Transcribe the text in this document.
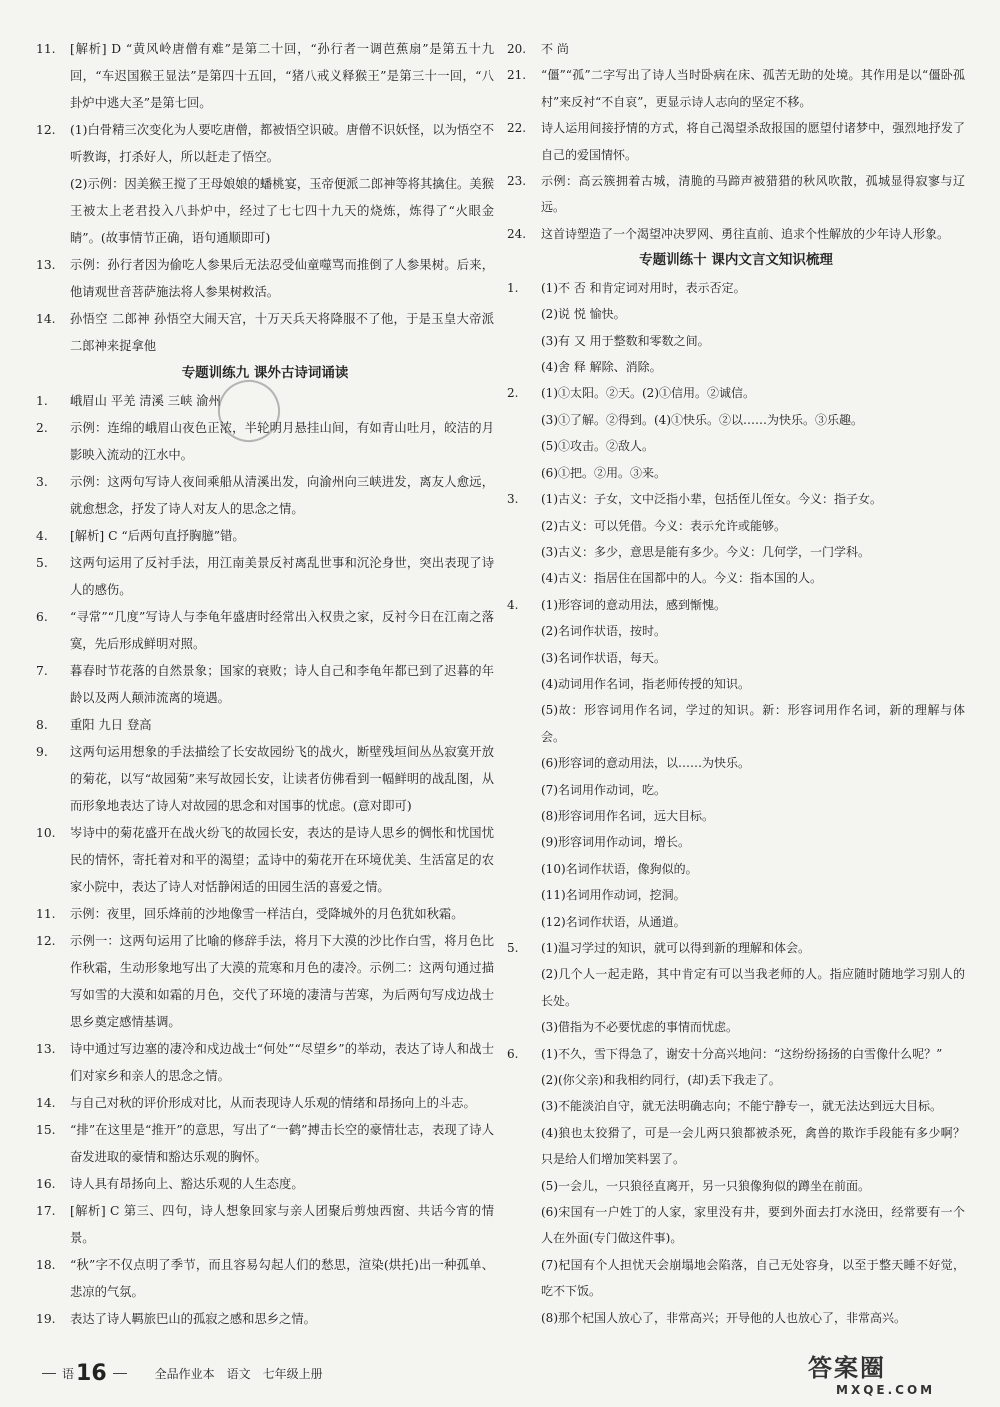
11.	[解析] D “黄风岭唐僧有难”是第二十回，“孙行者一调芭蕉扇”是第五十九回，“车迟国猴王显法”是第四十五回，“猪八戒义释猴王”是第三十一回，“八卦炉中逃大圣”是第七回。
12.	(1)白骨精三次变化为人要吃唐僧，都被悟空识破。唐僧不识妖怪，以为悟空不听教诲，打杀好人，所以赶走了悟空。
(2)示例：因美猴王搅了王母娘娘的蟠桃宴，玉帝便派二郎神等将其擒住。美猴王被太上老君投入八卦炉中，经过了七七四十九天的烧炼，炼得了“火眼金睛”。(故事情节正确，语句通顺即可)
13.	示例：孙行者因为偷吃人参果后无法忍受仙童噬骂而推倒了人参果树。后来，他请观世音菩萨施法将人参果树救活。
14.	孙悟空 二郎神 孙悟空大闹天宫，十万天兵天将降服不了他，于是玉皇大帝派二郎神来捉拿他
专题训练九 课外古诗词诵读
1.	峨眉山 平羌 清溪 三峡 渝州
2.	示例：连绵的峨眉山夜色正浓，半轮明月悬挂山间，有如青山吐月，皎洁的月影映入流动的江水中。
3.	示例：这两句写诗人夜间乘船从清溪出发，向渝州向三峡进发，离友人愈远，就愈想念，抒发了诗人对友人的思念之情。
4.	[解析] C “后两句直抒胸臆”错。
5.	这两句运用了反衬手法，用江南美景反衬离乱世事和沉沦身世，突出表现了诗人的感伤。
6.	“寻常”“几度”写诗人与李龟年盛唐时经常出入权贵之家，反衬今日在江南之落寞，先后形成鲜明对照。
7.	暮春时节花落的自然景象；国家的衰败；诗人自己和李龟年都已到了迟暮的年龄以及两人颠沛流离的境遇。
8.	重阳 九日 登高
9.	这两句运用想象的手法描绘了长安故园纷飞的战火，断壁残垣间丛丛寂寞开放的菊花，以写“故园菊”来写故园长安，让读者仿佛看到一幅鲜明的战乱图，从而形象地表达了诗人对故园的思念和对国事的忧虑。(意对即可)
10.	岑诗中的菊花盛开在战火纷飞的故园长安，表达的是诗人思乡的惆怅和忧国忧民的情怀，寄托着对和平的渴望；孟诗中的菊花开在环境优美、生活富足的农家小院中，表达了诗人对恬静闲适的田园生活的喜爱之情。
11.	示例：夜里，回乐烽前的沙地像雪一样洁白，受降城外的月色犹如秋霜。
12.	示例一：这两句运用了比喻的修辞手法，将月下大漠的沙比作白雪，将月色比作秋霜，生动形象地写出了大漠的荒寒和月色的凄冷。示例二：这两句通过描写如雪的大漠和如霜的月色，交代了环境的凄清与苦寒，为后两句写戍边战士思乡奠定感情基调。
13.	诗中通过写边塞的凄冷和戍边战士“何处”“尽望乡”的举动，表达了诗人和战士们对家乡和亲人的思念之情。
14.	与自己对秋的评价形成对比，从而表现诗人乐观的情绪和昂扬向上的斗志。
15.	“排”在这里是“推开”的意思，写出了“一鹤”搏击长空的豪情壮志，表现了诗人奋发进取的豪情和豁达乐观的胸怀。
16.	诗人具有昂扬向上、豁达乐观的人生态度。
17.	[解析] C 第三、四句，诗人想象回家与亲人团聚后剪烛西窗、共话今宵的情景。
18.	“秋”字不仅点明了季节，而且容易勾起人们的愁思，渲染(烘托)出一种孤单、悲凉的气氛。
19.	表达了诗人羁旅巴山的孤寂之感和思乡之情。
20.	不 尚
21.	“僵”“孤”二字写出了诗人当时卧病在床、孤苦无助的处境。其作用是以“僵卧孤村”来反衬“不自哀”，更显示诗人志向的坚定不移。
22.	诗人运用间接抒情的方式，将自己渴望杀敌报国的愿望付诸梦中，强烈地抒发了自己的爱国情怀。
23.	示例：高云簇拥着古城，清脆的马蹄声被猎猎的秋风吹散，孤城显得寂寥与辽远。
24.	这首诗塑造了一个渴望冲决罗网、勇往直前、追求个性解放的少年诗人形象。
专题训练十 课内文言文知识梳理
1.	(1)不 否 和肯定词对用时，表示否定。
(2)说 悦 愉快。
(3)有 又 用于整数和零数之间。
(4)舍 释 解除、消除。
2.	(1)①太阳。②天。(2)①信用。②诚信。
(3)①了解。②得到。(4)①快乐。②以……为快乐。③乐趣。
(5)①攻击。②敌人。
(6)①把。②用。③来。
3.	(1)古义：子女，文中泛指小辈，包括侄儿侄女。今义：指子女。
(2)古义：可以凭借。今义：表示允许或能够。
(3)古义：多少，意思是能有多少。今义：几何学，一门学科。
(4)古义：指居住在国都中的人。今义：指本国的人。
4.	(1)形容词的意动用法，感到惭愧。
(2)名词作状语，按时。
(3)名词作状语，每天。
(4)动词用作名词，指老师传授的知识。
(5)故：形容词用作名词，学过的知识。新：形容词用作名词，新的理解与体会。
(6)形容词的意动用法，以……为快乐。
(7)名词用作动词，吃。
(8)形容词用作名词，远大目标。
(9)形容词用作动词，增长。
(10)名词作状语，像狗似的。
(11)名词用作动词，挖洞。
(12)名词作状语，从通道。
5.	(1)温习学过的知识，就可以得到新的理解和体会。
(2)几个人一起走路，其中肯定有可以当我老师的人。指应随时随地学习别人的长处。
(3)借指为不必要忧虑的事情而忧虑。
6.	(1)不久，雪下得急了，谢安十分高兴地问：“这纷纷扬扬的白雪像什么呢？”
(2)(你父亲)和我相约同行，(却)丢下我走了。
(3)不能淡泊自守，就无法明确志向；不能宁静专一，就无法达到远大目标。
(4)狼也太狡猾了，可是一会儿两只狼都被杀死，禽兽的欺诈手段能有多少啊？只是给人们增加笑料罢了。
(5)一会儿，一只狼径直离开，另一只狼像狗似的蹲坐在前面。
(6)宋国有一户姓丁的人家，家里没有井，要到外面去打水浇田，经常要有一个人在外面(专门做这件事)。
(7)杞国有个人担忧天会崩塌地会陷落，自己无处容身，以至于整天睡不好觉，吃不下饭。
(8)那个杞国人放心了，非常高兴；开导他的人也放心了，非常高兴。
语 16	全品作业本 语文 七年级上册	答案圈
MXQE.COM
